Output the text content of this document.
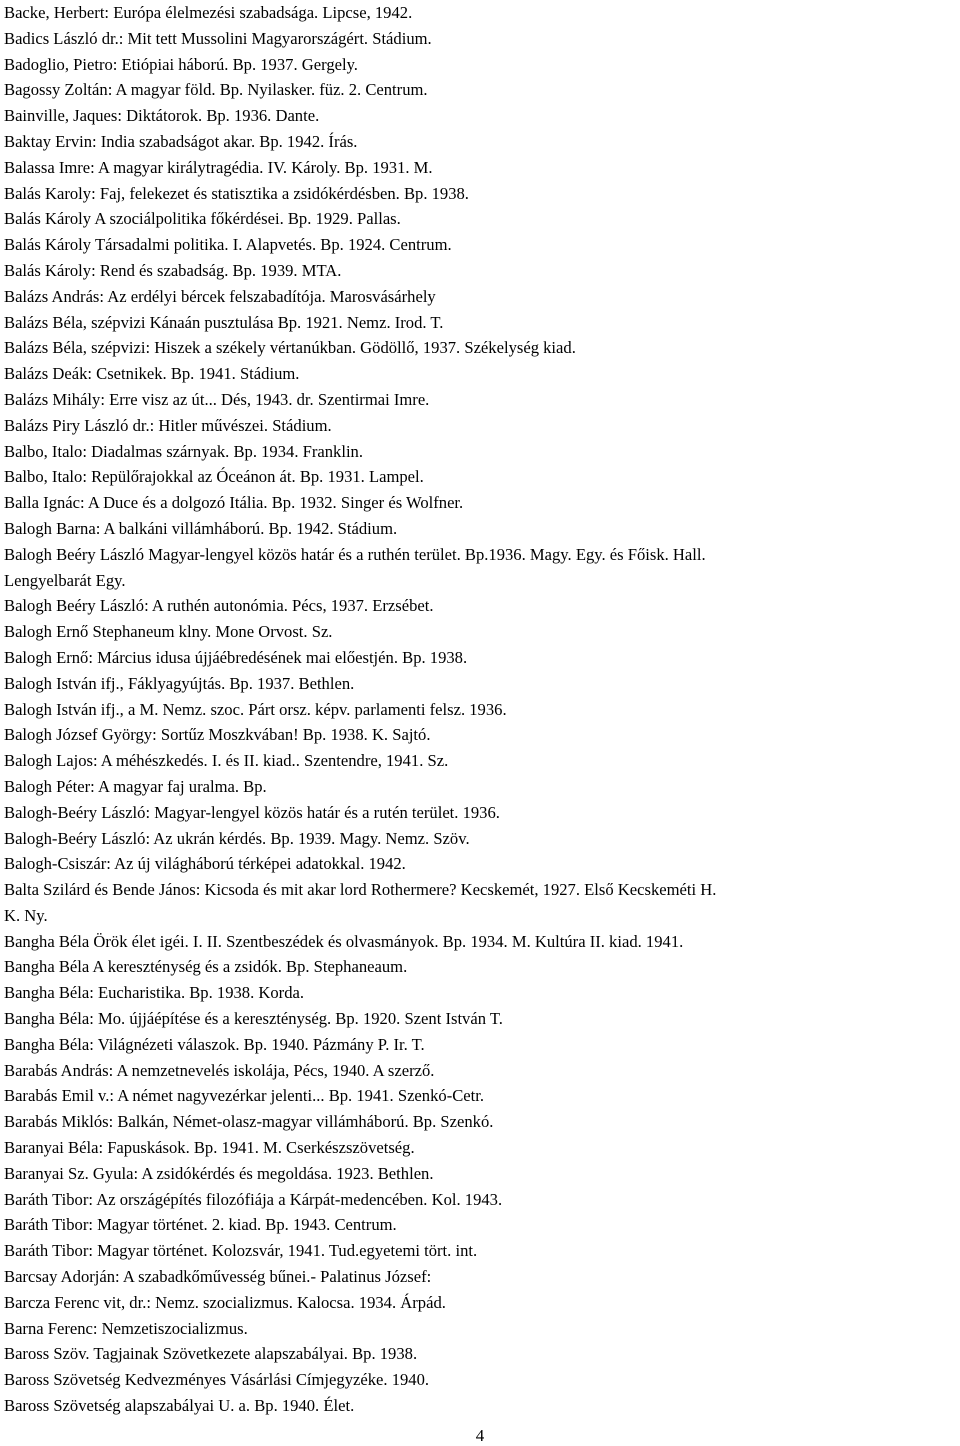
Backe, Herbert: Európa élelmezési szabadsága. Lipcse, 1942.
Badics László dr.: Mit tett Mussolini Magyarországért. Stádium.
Badoglio, Pietro: Etiópiai háború. Bp. 1937. Gergely.
Bagossy Zoltán: A magyar föld. Bp. Nyilasker. füz. 2. Centrum.
Bainville, Jaques: Diktátorok. Bp. 1936. Dante.
Baktay Ervin: India szabadságot akar. Bp. 1942. Írás.
Balassa Imre: A magyar királytragédia. IV. Károly. Bp. 1931. M.
Balás Karoly: Faj, felekezet és statisztika a zsidókérdésben. Bp. 1938.
Balás Károly A szociálpolitika főkérdései. Bp. 1929. Pallas.
Balás Károly Társadalmi politika. I. Alapvetés. Bp. 1924. Centrum.
Balás Károly: Rend és szabadság. Bp. 1939. MTA.
Balázs András: Az erdélyi bércek felszabadítója. Marosvásárhely
Balázs Béla, szépvizi Kánaán pusztulása Bp. 1921. Nemz. Irod. T.
Balázs Béla, szépvizi: Hiszek a székely vértanúkban. Gödöllő, 1937. Székelység kiad.
Balázs Deák: Csetnikek. Bp. 1941. Stádium.
Balázs Mihály: Erre visz az út... Dés, 1943. dr. Szentirmai Imre.
Balázs Piry László dr.: Hitler művészei. Stádium.
Balbo, Italo: Diadalmas szárnyak. Bp. 1934. Franklin.
Balbo, Italo: Repülőrajokkal az Óceánon át. Bp. 1931. Lampel.
Balla Ignác: A Duce és a dolgozó Itália. Bp. 1932. Singer és Wolfner.
Balogh Barna: A balkáni villámháború. Bp. 1942. Stádium.
Balogh Beéry László Magyar-lengyel közös határ és a ruthén terület. Bp.1936. Magy. Egy. és Főisk. Hall.
Lengyelbarát Egy.
Balogh Beéry László: A ruthén autonómia. Pécs, 1937. Erzsébet.
Balogh Ernő Stephaneum klny. Mone Orvost. Sz.
Balogh Ernő: Március idusa újjáébredésének mai előestjén. Bp. 1938.
Balogh István ifj., Fáklyagyújtás. Bp. 1937. Bethlen.
Balogh István ifj., a M. Nemz. szoc. Párt orsz. képv. parlamenti felsz. 1936.
Balogh József György: Sortűz Moszkvában! Bp. 1938. K. Sajtó.
Balogh Lajos: A méhészkedés. I. és II. kiad.. Szentendre, 1941. Sz.
Balogh Péter: A magyar faj uralma. Bp.
Balogh-Beéry László: Magyar-lengyel közös határ és a rutén terület. 1936.
Balogh-Beéry László: Az ukrán kérdés. Bp. 1939. Magy. Nemz. Szöv.
Balogh-Csiszár: Az új világháború térképei adatokkal. 1942.
Balta Szilárd és Bende János: Kicsoda és mit akar lord Rothermere? Kecskemét, 1927. Első Kecskeméti H.
K. Ny.
Bangha Béla Örök élet igéi. I. II. Szentbeszédek és olvasmányok. Bp. 1934. M. Kultúra II. kiad. 1941.
Bangha Béla A kereszténység és a zsidók. Bp. Stephaneaum.
Bangha Béla: Eucharistika. Bp. 1938. Korda.
Bangha Béla: Mo. újjáépítése és a kereszténység. Bp. 1920. Szent István T.
Bangha Béla: Világnézeti válaszok. Bp. 1940. Pázmány P. Ir. T.
Barabás András: A nemzetnevelés iskolája, Pécs, 1940. A szerző.
Barabás Emil v.: A német nagyvezérkar jelenti... Bp. 1941. Szenkó-Cetr.
Barabás Miklós: Balkán, Német-olasz-magyar villámháború. Bp. Szenkó.
Baranyai Béla: Fapuskások. Bp. 1941. M. Cserkészszövetség.
Baranyai Sz. Gyula: A zsidókérdés és megoldása. 1923. Bethlen.
Baráth Tibor: Az országépítés filozófiája a Kárpát-medencében. Kol. 1943.
Baráth Tibor: Magyar történet. 2. kiad. Bp. 1943. Centrum.
Baráth Tibor: Magyar történet. Kolozsvár, 1941. Tud.egyetemi tört. int.
Barcsay Adorján: A szabadkőművesség bűnei.- Palatinus József:
Barcza Ferenc vit, dr.: Nemz. szocializmus. Kalocsa. 1934. Árpád.
Barna Ferenc: Nemzetiszocializmus.
Baross Szöv. Tagjainak Szövetkezete alapszabályai. Bp. 1938.
Baross Szövetség Kedvezményes Vásárlási Címjegyzéke. 1940.
Baross Szövetség alapszabályai U. a. Bp. 1940. Élet.
4
